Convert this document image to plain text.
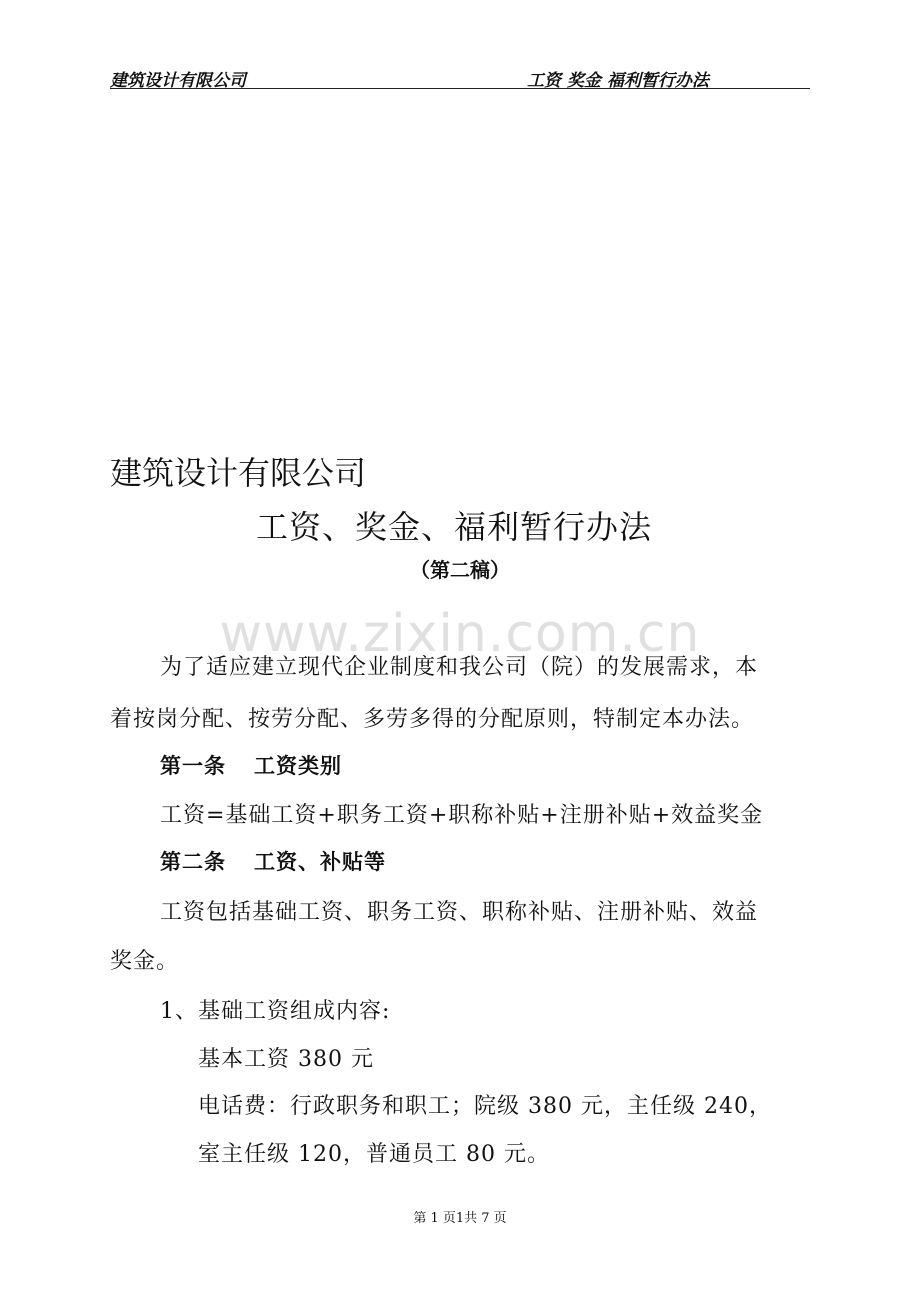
建筑设计有限公司	工资 奖金 福利暂行办法
建筑设计有限公司
工资、奖金、福利暂行办法
（第二稿）
www.zixin.com.cn
为了适应建立现代企业制度和我公司（院）的发展需求，本
着按岗分配、按劳分配、多劳多得的分配原则，特制定本办法。
第一条 工资类别
工资=基础工资+职务工资+职称补贴+注册补贴+效益奖金
第二条 工资、补贴等
工资包括基础工资、职务工资、职称补贴、注册补贴、效益
奖金。
1、基础工资组成内容:
基本工资 380 元
电话费：行政职务和职工；院级 380 元，主任级 240，
室主任级 120，普通员工 80 元。
第 1 页1共 7 页
